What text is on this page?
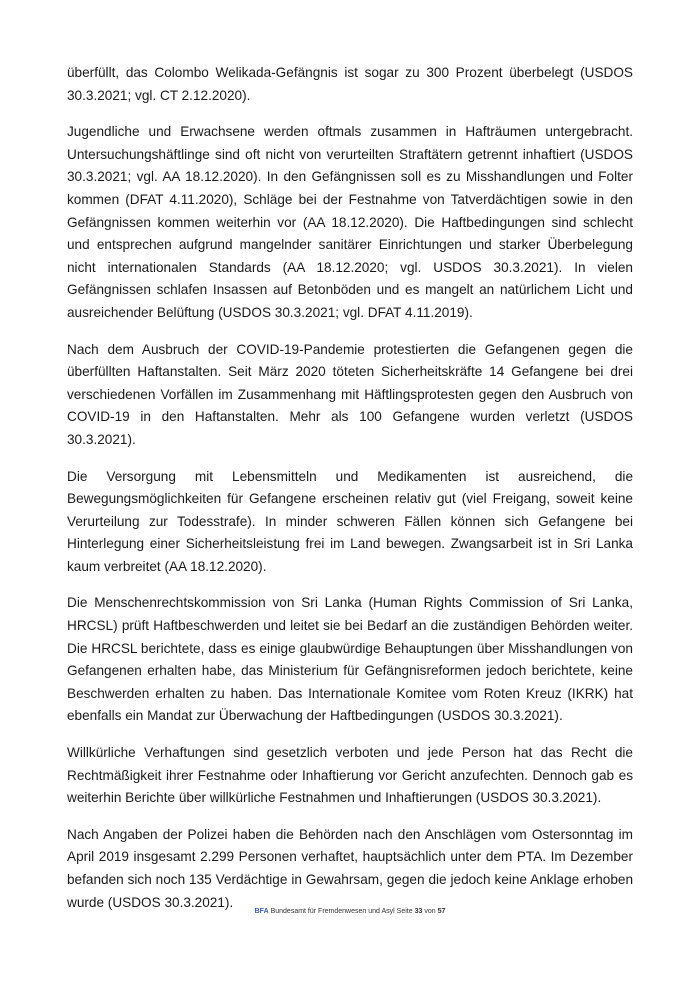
überfüllt, das Colombo Welikada-Gefängnis ist sogar zu 300 Prozent überbelegt (USDOS 30.3.2021; vgl. CT 2.12.2020).

Jugendliche und Erwachsene werden oftmals zusammen in Hafträumen untergebracht. Untersuchungshäftlinge sind oft nicht von verurteilten Straftätern getrennt inhaftiert (USDOS 30.3.2021; vgl. AA 18.12.2020). In den Gefängnissen soll es zu Misshandlungen und Folter kommen (DFAT 4.11.2020), Schläge bei der Festnahme von Tatverdächtigen sowie in den Gefängnissen kommen weiterhin vor (AA 18.12.2020). Die Haftbedingungen sind schlecht und entsprechen aufgrund mangelnder sanitärer Einrichtungen und starker Überbelegung nicht internationalen Standards (AA 18.12.2020; vgl. USDOS 30.3.2021). In vielen Gefängnissen schlafen Insassen auf Betonböden und es mangelt an natürlichem Licht und ausreichender Belüftung (USDOS 30.3.2021; vgl. DFAT 4.11.2019).

Nach dem Ausbruch der COVID-19-Pandemie protestierten die Gefangenen gegen die überfüllten Haftanstalten. Seit März 2020 töteten Sicherheitskräfte 14 Gefangene bei drei verschiedenen Vorfällen im Zusammenhang mit Häftlingsprotesten gegen den Ausbruch von COVID-19 in den Haftanstalten. Mehr als 100 Gefangene wurden verletzt (USDOS 30.3.2021).

Die Versorgung mit Lebensmitteln und Medikamenten ist ausreichend, die Bewegungsmöglichkeiten für Gefangene erscheinen relativ gut (viel Freigang, soweit keine Verurteilung zur Todesstrafe). In minder schweren Fällen können sich Gefangene bei Hinterlegung einer Sicherheitsleistung frei im Land bewegen. Zwangsarbeit ist in Sri Lanka kaum verbreitet (AA 18.12.2020).

Die Menschenrechtskommission von Sri Lanka (Human Rights Commission of Sri Lanka, HRCSL) prüft Haftbeschwerden und leitet sie bei Bedarf an die zuständigen Behörden weiter. Die HRCSL berichtete, dass es einige glaubwürdige Behauptungen über Misshandlungen von Gefangenen erhalten habe, das Ministerium für Gefängnisreformen jedoch berichtete, keine Beschwerden erhalten zu haben. Das Internationale Komitee vom Roten Kreuz (IKRK) hat ebenfalls ein Mandat zur Überwachung der Haftbedingungen (USDOS 30.3.2021).

Willkürliche Verhaftungen sind gesetzlich verboten und jede Person hat das Recht die Rechtmäßigkeit ihrer Festnahme oder Inhaftierung vor Gericht anzufechten. Dennoch gab es weiterhin Berichte über willkürliche Festnahmen und Inhaftierungen (USDOS 30.3.2021).

Nach Angaben der Polizei haben die Behörden nach den Anschlägen vom Ostersonntag im April 2019 insgesamt 2.299 Personen verhaftet, hauptsächlich unter dem PTA. Im Dezember befanden sich noch 135 Verdächtige in Gewahrsam, gegen die jedoch keine Anklage erhoben wurde (USDOS 30.3.2021).

BFA Bundesamt für Fremdenwesen und Asyl Seite 33 von 57
